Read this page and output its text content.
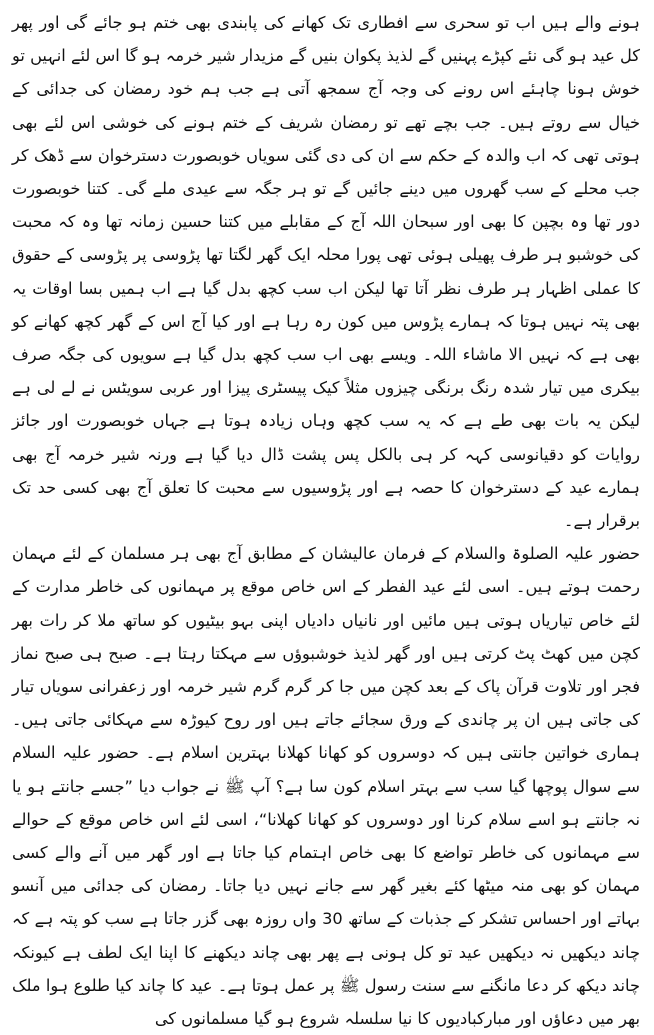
ہونے والے ہیں اب تو سحری سے افطاری تک کھانے کی پابندی بھی ختم ہو جائے گی اور پھر کل عید ہو گی نئے کپڑے پہنیں گے لذیذ پکوان بنیں گے مزیدار شیر خرمہ ہو گا اس لئے انہیں تو خوش ہونا چاہئے اس رونے کی وجہ آج سمجھ آتی ہے جب ہم خود رمضان کی جدائی کے خیال سے روتے ہیں۔ جب بچے تھے تو رمضان شریف کے ختم ہونے کی خوشی اس لئے بھی ہوتی تھی کہ اب والدہ کے حکم سے ان کی دی گئی سویاں خوبصورت دسترخوان سے ڈھک کر جب محلے کے سب گھروں میں دینے جائیں گے تو ہر جگہ سے عیدی ملے گی۔ کتنا خوبصورت دور تھا وہ بچپن کا بھی اور سبحان اللہ آج کے مقابلے میں کتنا حسین زمانہ تھا وہ کہ محبت کی خوشبو ہر طرف پھیلی ہوئی تھی پورا محلہ ایک گھر لگتا تھا پڑوسی پر پڑوسی کے حقوق کا عملی اظہار ہر طرف نظر آتا تھا لیکن اب سب کچھ بدل گیا ہے اب ہمیں بسا اوقات یہ بھی پتہ نہیں ہوتا کہ ہمارے پڑوس میں کون رہ رہا ہے اور کیا آج اس کے گھر کچھ کھانے کو بھی ہے کہ نہیں الا ماشاء اللہ۔ ویسے بھی اب سب کچھ بدل گیا ہے سویوں کی جگہ صرف بیکری میں تیار شدہ رنگ برنگی چیزوں مثلاً کیک پیسٹری پیزا اور عربی سویٹس نے لے لی ہے لیکن یہ بات بھی طے ہے کہ یہ سب کچھ وہاں زیادہ ہوتا ہے جہاں خوبصورت اور جائز روایات کو دقیانوسی کہہ کر ہی بالکل پس پشت ڈال دیا گیا ہے ورنہ شیر خرمہ آج بھی ہمارے عید کے دسترخوان کا حصہ ہے اور پڑوسیوں سے محبت کا تعلق آج بھی کسی حد تک برقرار ہے۔

حضور علیہ الصلوۃ والسلام کے فرمان عالیشان کے مطابق آج بھی ہر مسلمان کے لئے مہمان رحمت ہوتے ہیں۔ اسی لئے عید الفطر کے اس خاص موقع پر مہمانوں کی خاطر مدارت کے لئے خاص تیاریاں ہوتی ہیں مائیں اور نانیاں دادیاں اپنی بہو بیٹیوں کو ساتھ ملا کر رات بھر کچن میں کھٹ پٹ کرتی ہیں اور گھر لذیذ خوشبوؤں سے مہکتا رہتا ہے۔ صبح ہی صبح نماز فجر اور تلاوت قرآن پاک کے بعد کچن میں جا کر گرم گرم شیر خرمہ اور زعفرانی سویاں تیار کی جاتی ہیں ان پر چاندی کے ورق سجائے جاتے ہیں اور روح کیوڑہ سے مہکائی جاتی ہیں۔ ہماری خواتین جانتی ہیں کہ دوسروں کو کھانا کھلانا بہترین اسلام ہے۔ حضور علیہ السلام سے سوال پوچھا گیا سب سے بہتر اسلام کون سا ہے؟ آپ ﷺ نے جواب دیا ”جسے جانتے ہو یا نہ جانتے ہو اسے سلام کرنا اور دوسروں کو کھانا کھلانا“، اسی لئے اس خاص موقع کے حوالے سے مہمانوں کی خاطر تواضع کا بھی خاص اہتمام کیا جاتا ہے اور گھر میں آنے والے کسی مہمان کو بھی منہ میٹھا کئے بغیر گھر سے جانے نہیں دیا جاتا۔ رمضان کی جدائی میں آنسو بہاتے اور احساس تشکر کے جذبات کے ساتھ 30 واں روزہ بھی گزر جاتا ہے سب کو پتہ ہے کہ چاند دیکھیں نہ دیکھیں عید تو کل ہونی ہے پھر بھی چاند دیکھنے کا اپنا ایک لطف ہے کیونکہ چاند دیکھ کر دعا مانگنے سے سنت رسول ﷺ پر عمل ہوتا ہے۔ عید کا چاند کیا طلوع ہوا ملک بھر میں دعاؤں اور مبارکبادیوں کا نیا سلسلہ شروع ہو گیا مسلمانوں کی
